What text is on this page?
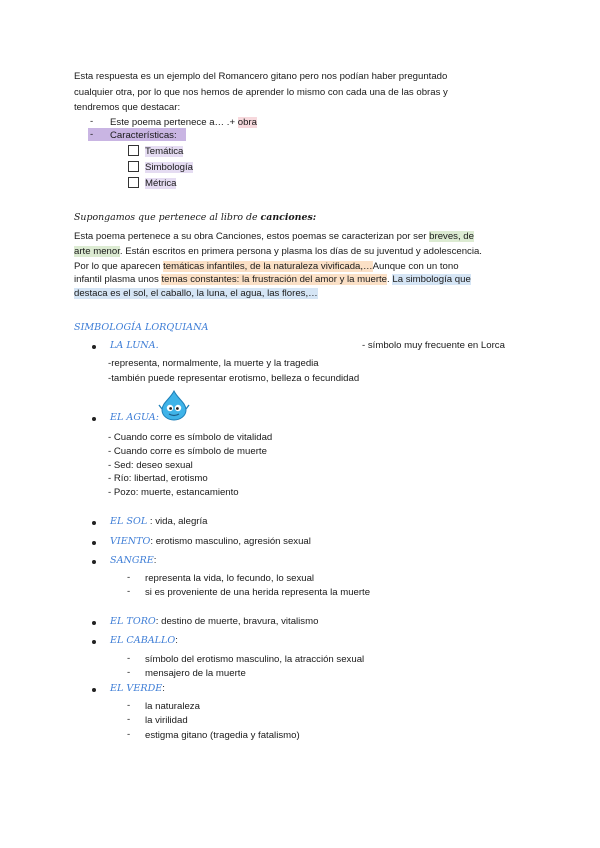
Esta respuesta es un ejemplo del Romancero gitano pero nos podían haber preguntado
cualquier otra, por lo que nos hemos de aprender lo mismo con cada una de las obras y
tendremos que destacar:
- Este poema pertenece a… .+ obra
- Características:
Temática
Simbología
Métrica
Supongamos que pertenece al libro de canciones:
Esta poema pertenece a su obra Canciones, estos poemas se caracterizan por ser breves, de
arte menor. Están escritos en primera persona y plasma los días de su juventud y adolescencia.
Por lo que aparecen temáticas infantiles, de la naturaleza vivificada,…Aunque con un tono
infantil plasma unos temas constantes: la frustración del amor y la muerte. La simbología que
destaca es el sol, el caballo, la luna, el agua, las flores,…
SIMBOLOGÍA LORQUIANA
LA LUNA.	- símbolo muy frecuente en Lorca
-representa, normalmente, la muerte y la tragedia
-también puede representar erotismo, belleza o fecundidad
EL AGUA:
- Cuando corre es símbolo de vitalidad
- Cuando corre es símbolo de muerte
- Sed: deseo sexual
- Río: libertad, erotismo
- Pozo: muerte, estancamiento
EL SOL : vida, alegría
VIENTO: erotismo masculino, agresión sexual
SANGRE:
- representa la vida, lo fecundo, lo sexual
- si es proveniente de una herida representa la muerte
EL TORO: destino de muerte, bravura, vitalismo
EL CABALLO:
- símbolo del erotismo masculino, la atracción sexual
- mensajero de la muerte
EL VERDE:
- la naturaleza
- la virilidad
- estigma gitano (tragedia y fatalismo)
